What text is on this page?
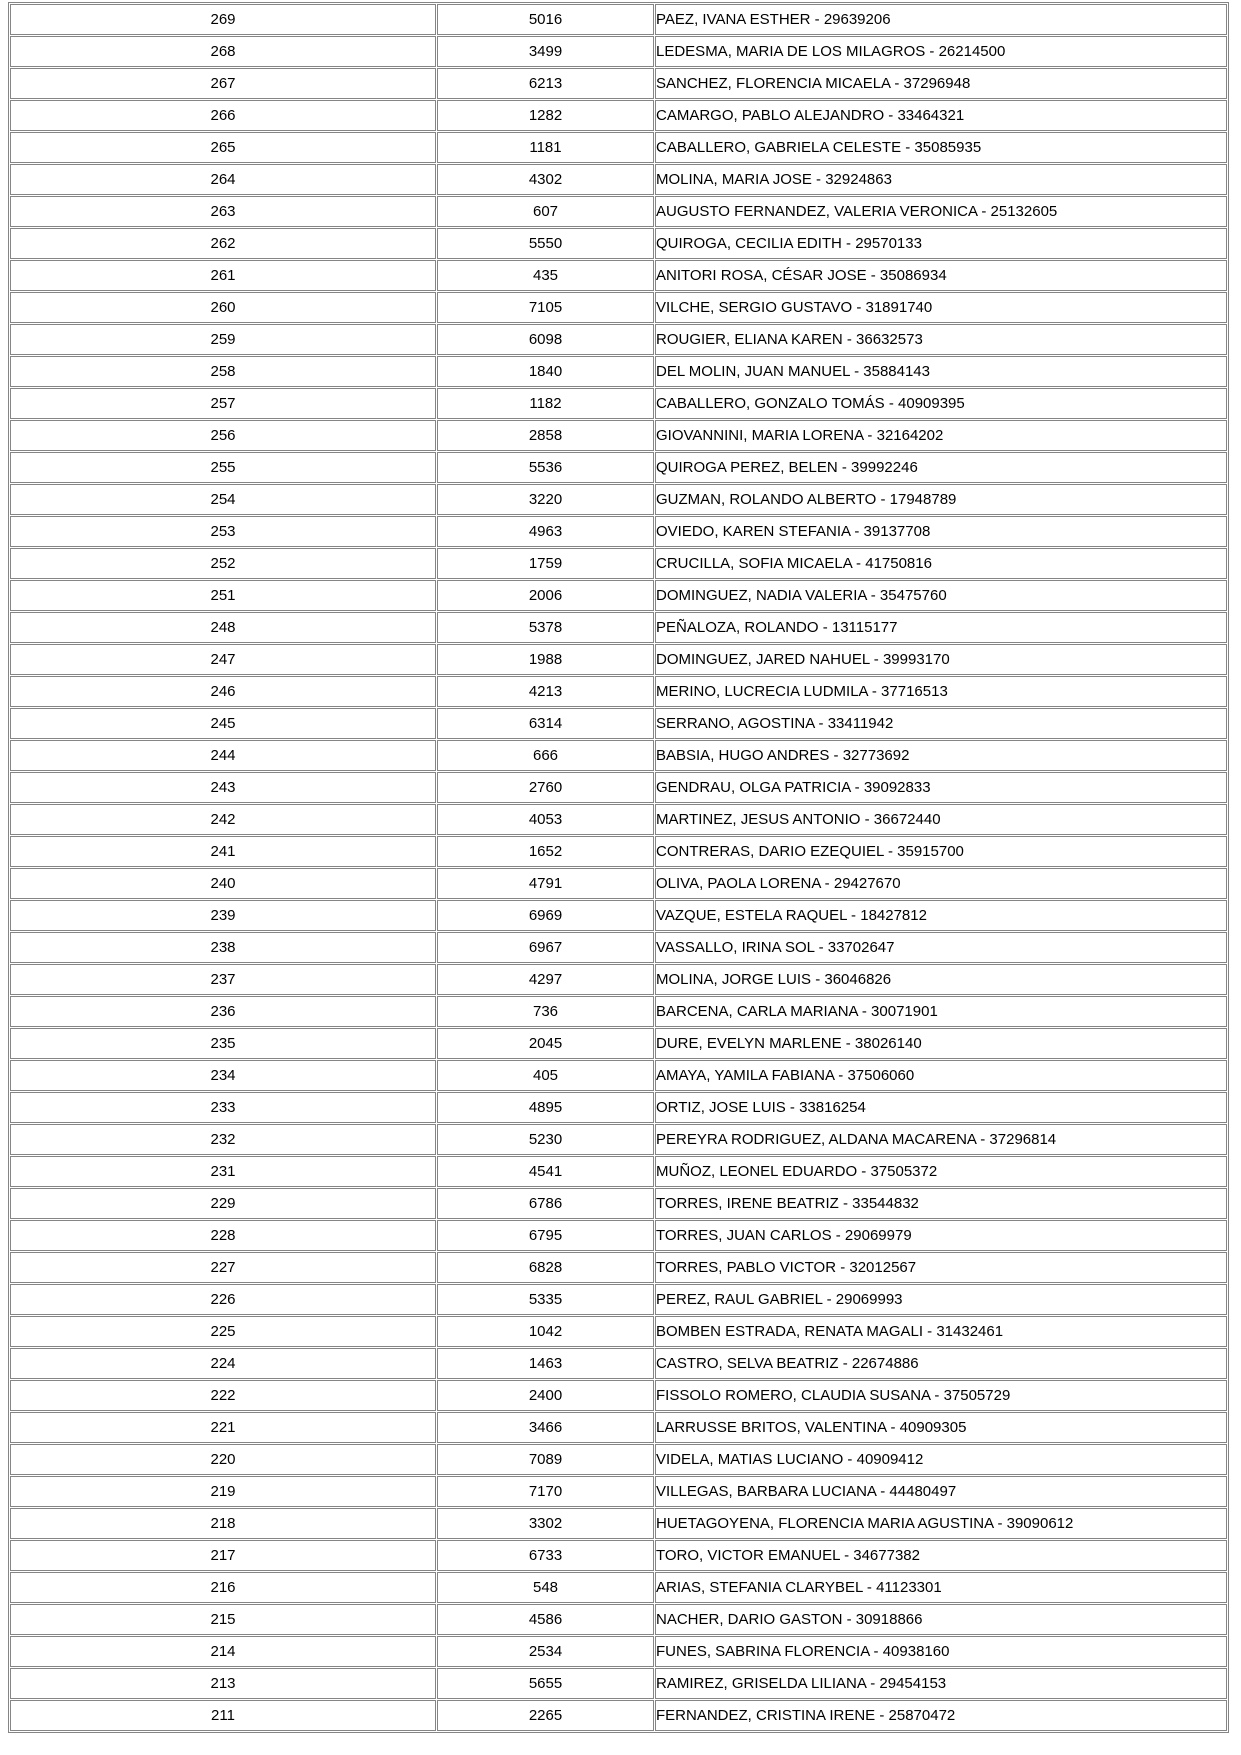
269	5016	PAEZ, IVANA ESTHER - 29639206
268	3499	LEDESMA, MARIA DE LOS MILAGROS - 26214500
267	6213	SANCHEZ, FLORENCIA MICAELA - 37296948
266	1282	CAMARGO, PABLO ALEJANDRO - 33464321
265	1181	CABALLERO, GABRIELA CELESTE - 35085935
264	4302	MOLINA, MARIA JOSE - 32924863
263	607	AUGUSTO FERNANDEZ, VALERIA VERONICA - 25132605
262	5550	QUIROGA, CECILIA EDITH - 29570133
261	435	ANITORI ROSA, CÉSAR JOSE - 35086934
260	7105	VILCHE, SERGIO GUSTAVO - 31891740
259	6098	ROUGIER, ELIANA KAREN - 36632573
258	1840	DEL MOLIN, JUAN MANUEL - 35884143
257	1182	CABALLERO, GONZALO TOMÁS - 40909395
256	2858	GIOVANNINI, MARIA LORENA - 32164202
255	5536	QUIROGA PEREZ, BELEN - 39992246
254	3220	GUZMAN, ROLANDO ALBERTO - 17948789
253	4963	OVIEDO, KAREN STEFANIA - 39137708
252	1759	CRUCILLA, SOFIA MICAELA - 41750816
251	2006	DOMINGUEZ, NADIA VALERIA - 35475760
248	5378	PEÑALOZA, ROLANDO - 13115177
247	1988	DOMINGUEZ, JARED NAHUEL - 39993170
246	4213	MERINO, LUCRECIA LUDMILA - 37716513
245	6314	SERRANO, AGOSTINA - 33411942
244	666	BABSIA, HUGO ANDRES - 32773692
243	2760	GENDRAU, OLGA PATRICIA - 39092833
242	4053	MARTINEZ, JESUS ANTONIO - 36672440
241	1652	CONTRERAS, DARIO EZEQUIEL - 35915700
240	4791	OLIVA, PAOLA LORENA - 29427670
239	6969	VAZQUE, ESTELA RAQUEL - 18427812
238	6967	VASSALLO, IRINA SOL - 33702647
237	4297	MOLINA, JORGE LUIS - 36046826
236	736	BARCENA, CARLA MARIANA - 30071901
235	2045	DURE, EVELYN MARLENE - 38026140
234	405	AMAYA, YAMILA FABIANA - 37506060
233	4895	ORTIZ, JOSE LUIS - 33816254
232	5230	PEREYRA RODRIGUEZ, ALDANA MACARENA - 37296814
231	4541	MUÑOZ, LEONEL EDUARDO - 37505372
229	6786	TORRES, IRENE BEATRIZ - 33544832
228	6795	TORRES, JUAN CARLOS - 29069979
227	6828	TORRES, PABLO VICTOR - 32012567
226	5335	PEREZ, RAUL GABRIEL - 29069993
225	1042	BOMBEN ESTRADA, RENATA MAGALI - 31432461
224	1463	CASTRO, SELVA BEATRIZ - 22674886
222	2400	FISSOLO ROMERO, CLAUDIA SUSANA - 37505729
221	3466	LARRUSSE BRITOS, VALENTINA - 40909305
220	7089	VIDELA, MATIAS LUCIANO - 40909412
219	7170	VILLEGAS, BARBARA LUCIANA - 44480497
218	3302	HUETAGOYENA, FLORENCIA MARIA AGUSTINA - 39090612
217	6733	TORO, VICTOR EMANUEL - 34677382
216	548	ARIAS, STEFANIA CLARYBEL - 41123301
215	4586	NACHER, DARIO GASTON - 30918866
214	2534	FUNES, SABRINA FLORENCIA - 40938160
213	5655	RAMIREZ, GRISELDA LILIANA - 29454153
211	2265	FERNANDEZ, CRISTINA IRENE - 25870472
